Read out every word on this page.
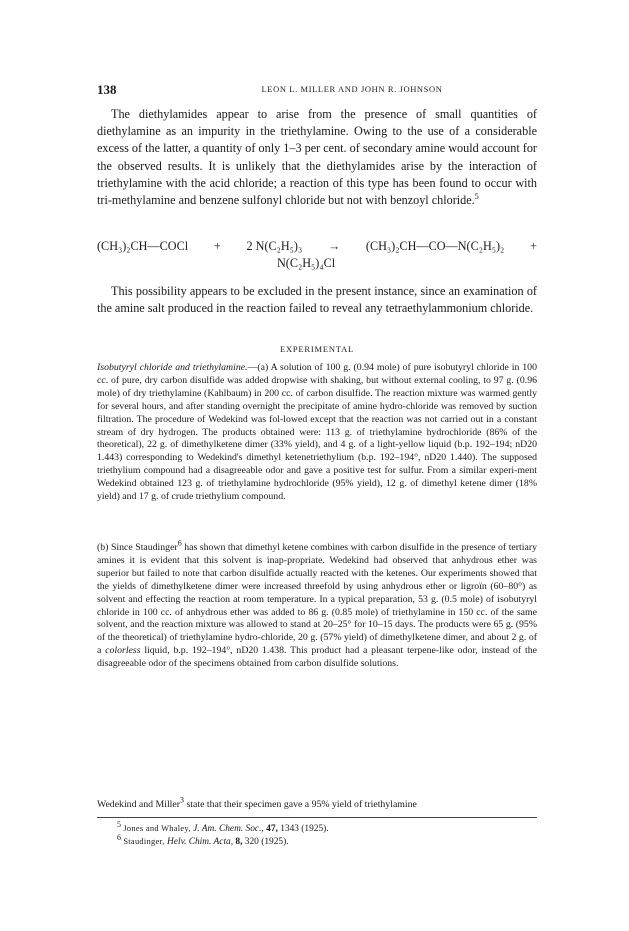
138	LEON L. MILLER AND JOHN R. JOHNSON

The diethylamides appear to arise from the presence of small quantities of diethylamine as an impurity in the triethylamine. Owing to the use of a considerable excess of the latter, a quantity of only 1–3 per cent. of secondary amine would account for the observed results. It is unlikely that the diethylamides arise by the interaction of triethylamine with the acid chloride; a reaction of this type has been found to occur with tri-methylamine and benzene sulfonyl chloride but not with benzoyl chloride.$^5$

(CH₃)₂CH—COCl + 2 N(C₂H₅)₃ → (CH₃)₂CH—CO—N(C₂H₅)₂ +
N(C₂H₅)₄Cl

This possibility appears to be excluded in the present instance, since an examination of the amine salt produced in the reaction failed to reveal any tetraethylammonium chloride.

EXPERIMENTAL

Isobutyryl chloride and triethylamine.—(a) A solution of 100 g. (0.94 mole) of pure isobutyryl chloride in 100 cc. of pure, dry carbon disulfide was added dropwise with shaking, but without external cooling, to 97 g. (0.96 mole) of dry triethylamine (Kahlbaum) in 200 cc. of carbon disulfide. The reaction mixture was warmed gently for several hours, and after standing overnight the precipitate of amine hydro-chloride was removed by suction filtration. The procedure of Wedekind was fol-lowed except that the reaction was not carried out in a constant stream of dry hydrogen. The products obtained were: 113 g. of triethylamine hydrochloride (86% of the theoretical), 22 g. of dimethylketene dimer (33% yield), and 4 g. of a light-yellow liquid (b.p. 192–194; nD20 1.443) corresponding to Wedekind's dimethyl ketenetriethylium (b.p. 192–194°, nD20 1.440). The supposed triethylium compound had a disagreeable odor and gave a positive test for sulfur. From a similar experi-ment Wedekind obtained 123 g. of triethylamine hydrochloride (95% yield), 12 g. of dimethyl ketene dimer (18% yield) and 17 g. of crude triethylium compound.

(b) Since Staudinger$^6$ has shown that dimethyl ketene combines with carbon disulfide in the presence of tertiary amines it is evident that this solvent is inap-propriate. Wedekind had observed that anhydrous ether was superior but failed to note that carbon disulfide actually reacted with the ketenes. Our experiments showed that the yields of dimethylketene dimer were increased threefold by using anhydrous ether or ligroïn (60–80°) as solvent and effecting the reaction at room temperature. In a typical preparation, 53 g. (0.5 mole) of isobutyryl chloride in 100 cc. of anhydrous ether was added to 86 g. (0.85 mole) of triethylamine in 150 cc. of the same solvent, and the reaction mixture was allowed to stand at 20–25° for 10–15 days. The products were 65 g. (95% of the theoretical) of triethylamine hydro-chloride, 20 g. (57% yield) of dimethylketene dimer, and about 2 g. of a colorless liquid, b.p. 192–194°, nD20 1.438. This product had a pleasant terpene-like odor, instead of the disagreeable odor of the specimens obtained from carbon disulfide solutions.

Wedekind and Miller$^3$ state that their specimen gave a 95% yield of triethylamine

$^5$ Jones and Whaley, J. Am. Chem. Soc., 47, 1343 (1925).

$^6$ Staudinger, Helv. Chim. Acta, 8, 320 (1925).
